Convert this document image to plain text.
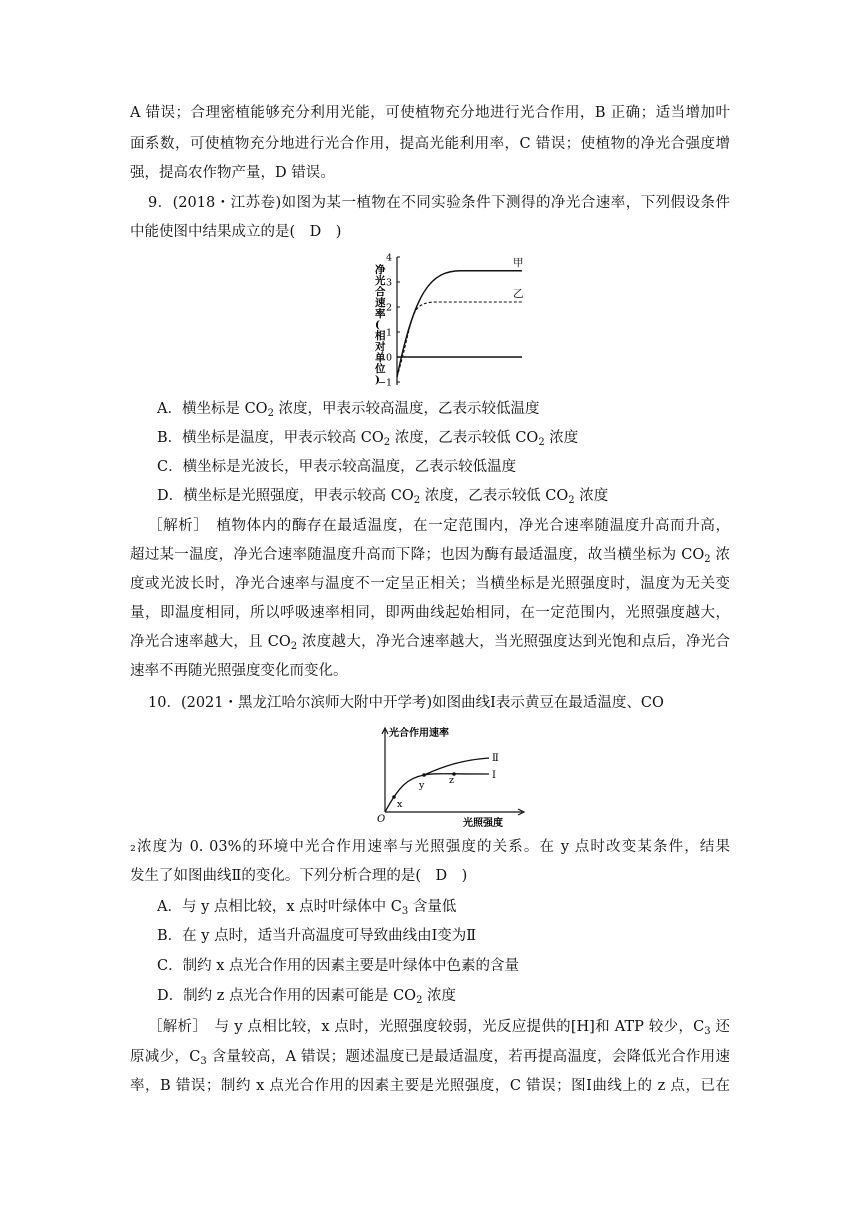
A 错误；合理密植能够充分利用光能，可使植物充分地进行光合作用，B 正确；适当增加叶
面系数，可使植物充分地进行光合作用，提高光能利用率，C 错误；使植物的净光合强度增
强，提高农作物产量，D 错误。
9．(2018・江苏卷)如图为某一植物在不同实验条件下测得的净光合速率，下列假设条件
中能使图中结果成立的是(　D　)
净光合速率(相对单位)
4
3
2
1
0
−1
甲
乙
A．横坐标是 $CO_2$ 浓度，甲表示较高温度，乙表示较低温度
B．横坐标是温度，甲表示较高 $CO_2$ 浓度，乙表示较低 $CO_2$ 浓度
C．横坐标是光波长，甲表示较高温度，乙表示较低温度
D．横坐标是光照强度，甲表示较高 $CO_2$ 浓度，乙表示较低 $CO_2$ 浓度
［解析］　植物体内的酶存在最适温度，在一定范围内，净光合速率随温度升高而升高，
超过某一温度，净光合速率随温度升高而下降；也因为酶有最适温度，故当横坐标为 $CO_2$ 浓
度或光波长时，净光合速率与温度不一定呈正相关；当横坐标是光照强度时，温度为无关变
量，即温度相同，所以呼吸速率相同，即两曲线起始相同，在一定范围内，光照强度越大，
净光合速率越大，且 $CO_2$ 浓度越大，净光合速率越大，当光照强度达到光饱和点后，净光合
速率不再随光照强度变化而变化。
10．(2021・黑龙江哈尔滨师大附中开学考)如图曲线Ⅰ表示黄豆在最适温度、CO
光合作用速率
光照强度
O
Ⅰ
Ⅱ
x
y	z
₂浓度为 0. 03%的环境中光合作用速率与光照强度的关系。在 y 点时改变某条件，结果
发生了如图曲线Ⅱ的变化。下列分析合理的是(　D　)
A．与 y 点相比较，x 点时叶绿体中 $C_3$ 含量低
B．在 y 点时，适当升高温度可导致曲线由Ⅰ变为Ⅱ
C．制约 x 点光合作用的因素主要是叶绿体中色素的含量
D．制约 z 点光合作用的因素可能是 $CO_2$ 浓度
［解析］　与 y 点相比较，x 点时，光照强度较弱，光反应提供的[H]和 ATP 较少，$C_3$ 还
原减少，$C_3$ 含量较高，A 错误；题述温度已是最适温度，若再提高温度，会降低光合作用速
率，B 错误；制约 x 点光合作用的因素主要是光照强度，C 错误；图Ⅰ曲线上的 z 点，已在
